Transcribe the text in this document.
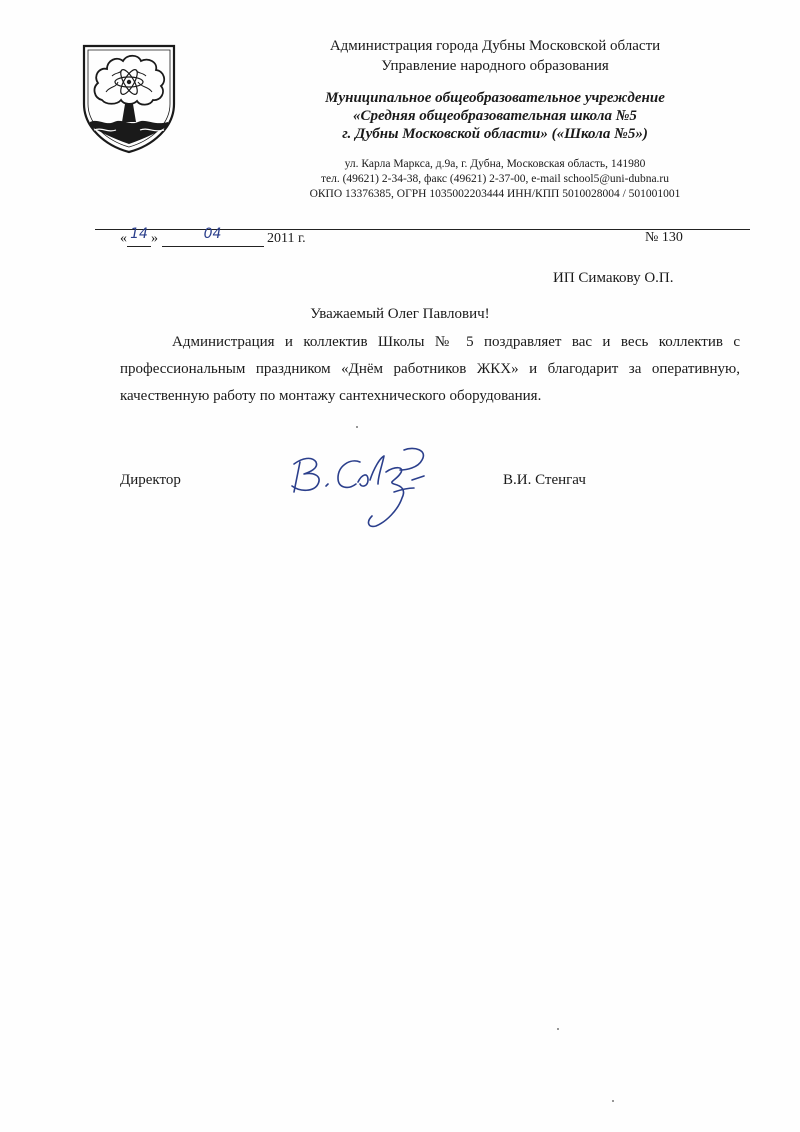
Администрация города Дубны Московской области
Управление народного образования
Муниципальное общеобразовательное учреждение
«Средняя общеобразовательная школа №5
г. Дубны Московской области» («Школа №5»)
ул. Карла Маркса, д.9а, г. Дубна, Московская область, 141980
тел. (49621) 2-34-38, факс (49621) 2-37-00, e-mail school5@uni-dubna.ru
ОКПО 13376385, ОГРН 1035002203444 ИНН/КПП 5010028004 / 501001001
« 14 »	04	2011 г.	№ 130
ИП Симакову О.П.
Уважаемый Олег Павлович!
Администрация и коллектив Школы № 5 поздравляет вас и весь коллектив с профессиональным праздником «Днём работников ЖКХ» и благодарит за оперативную, качественную работу по монтажу сантехнического оборудования.
Директор	В.И. Стенгач
